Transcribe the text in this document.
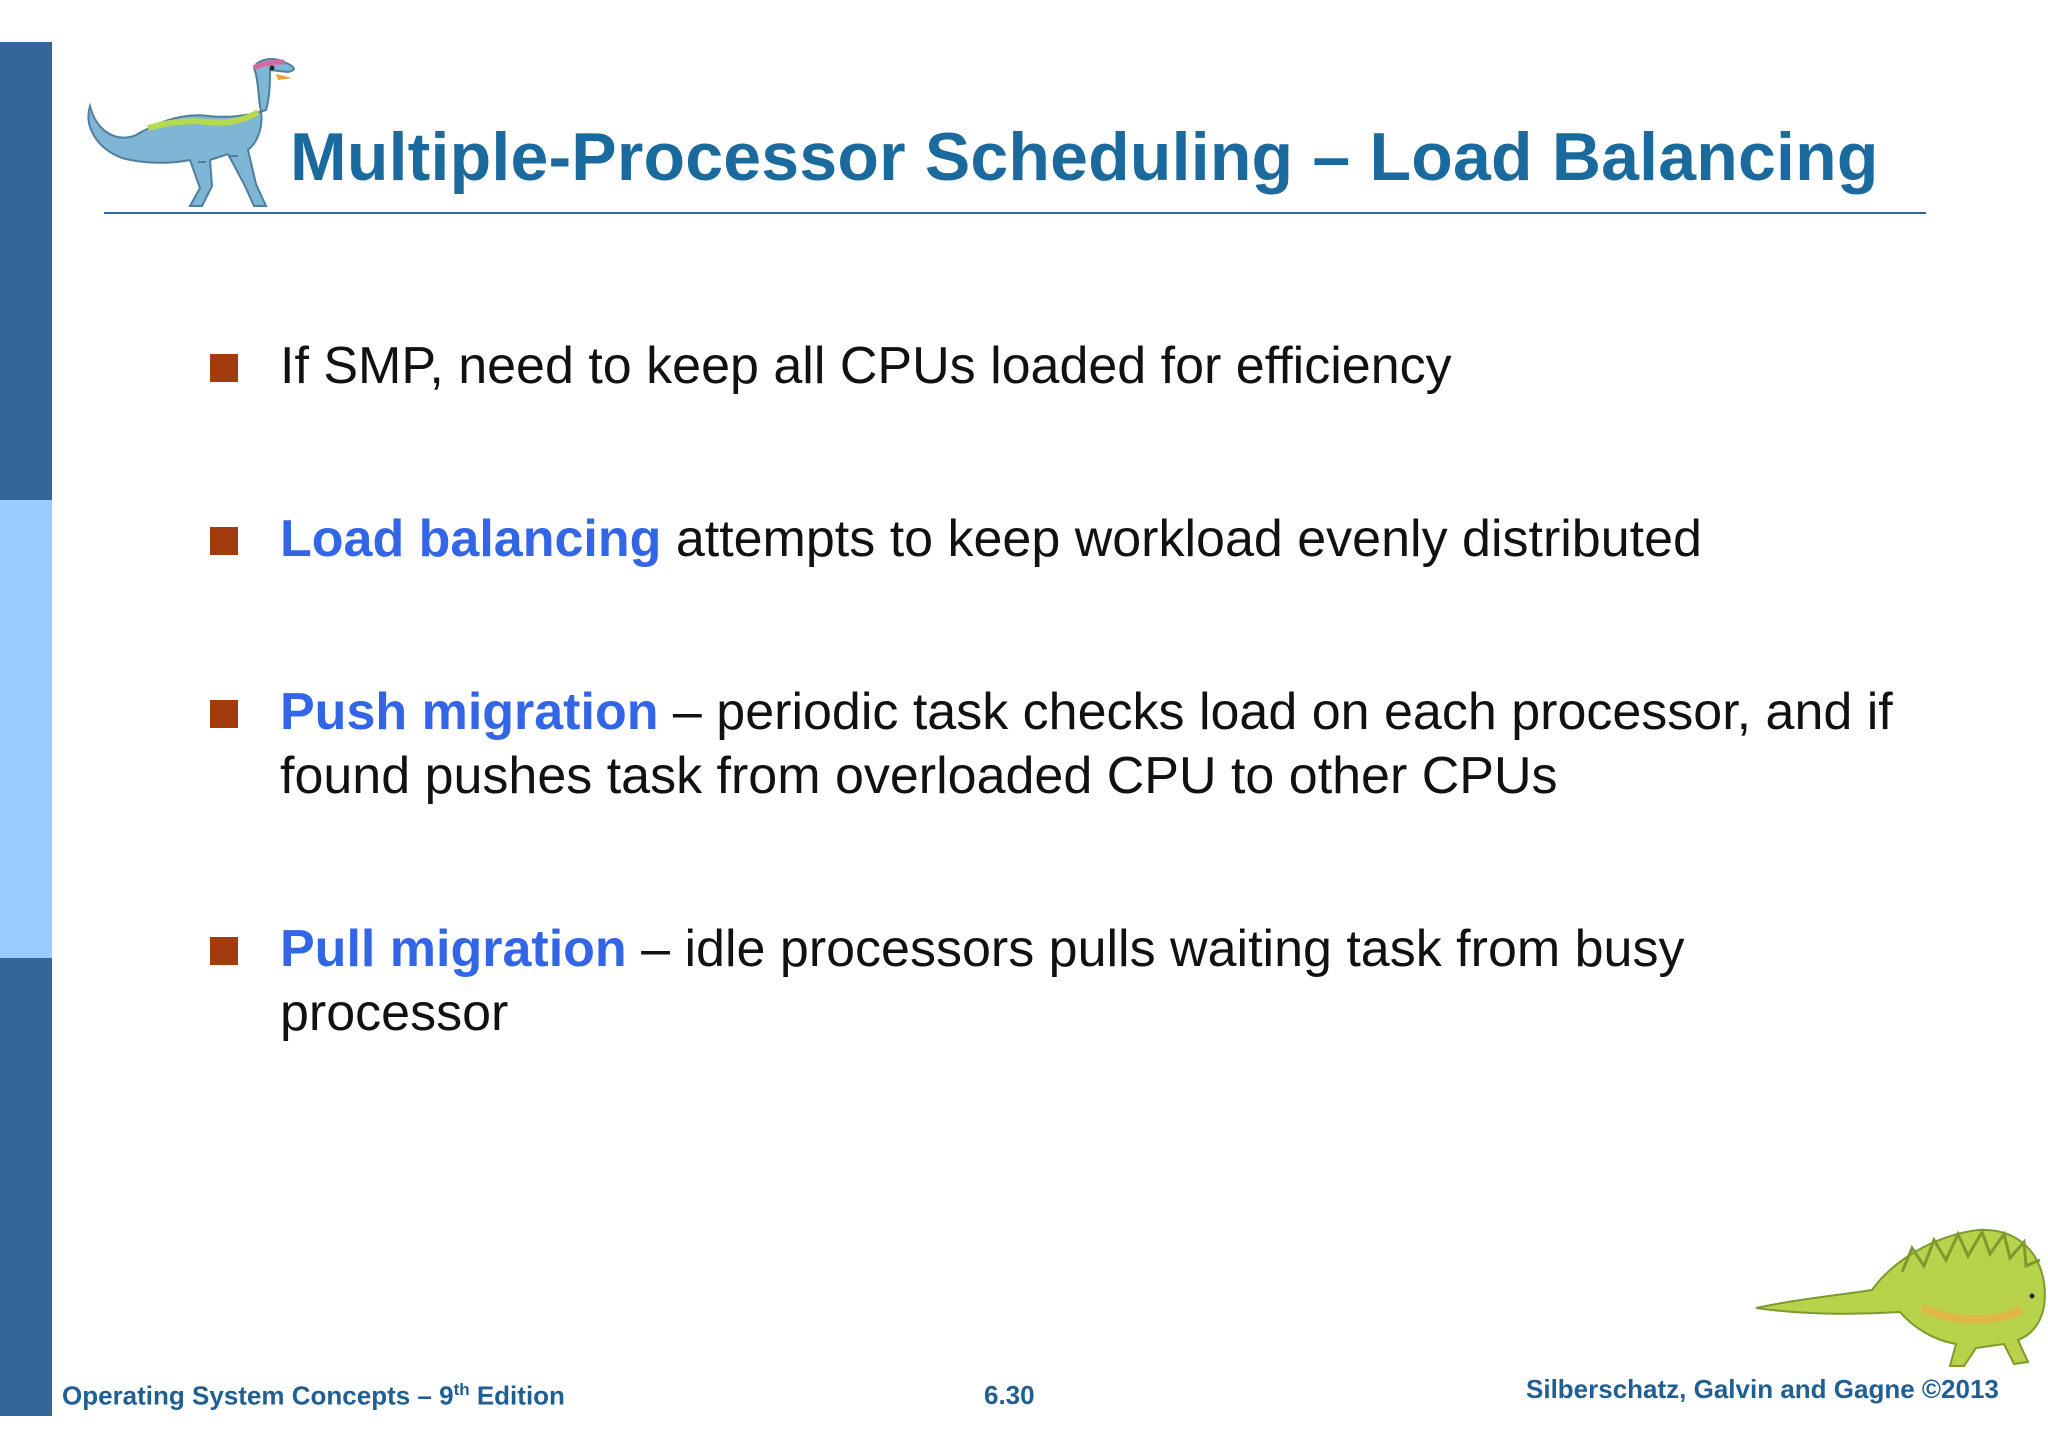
Multiple-Processor Scheduling – Load Balancing
If SMP, need to keep all CPUs loaded for efficiency
Load balancing attempts to keep workload evenly distributed
Push migration – periodic task checks load on each processor, and if found pushes task from overloaded CPU to other CPUs
Pull migration – idle processors pulls waiting task from busy processor
Operating System Concepts – 9th Edition	6.30	Silberschatz, Galvin and Gagne ©2013
